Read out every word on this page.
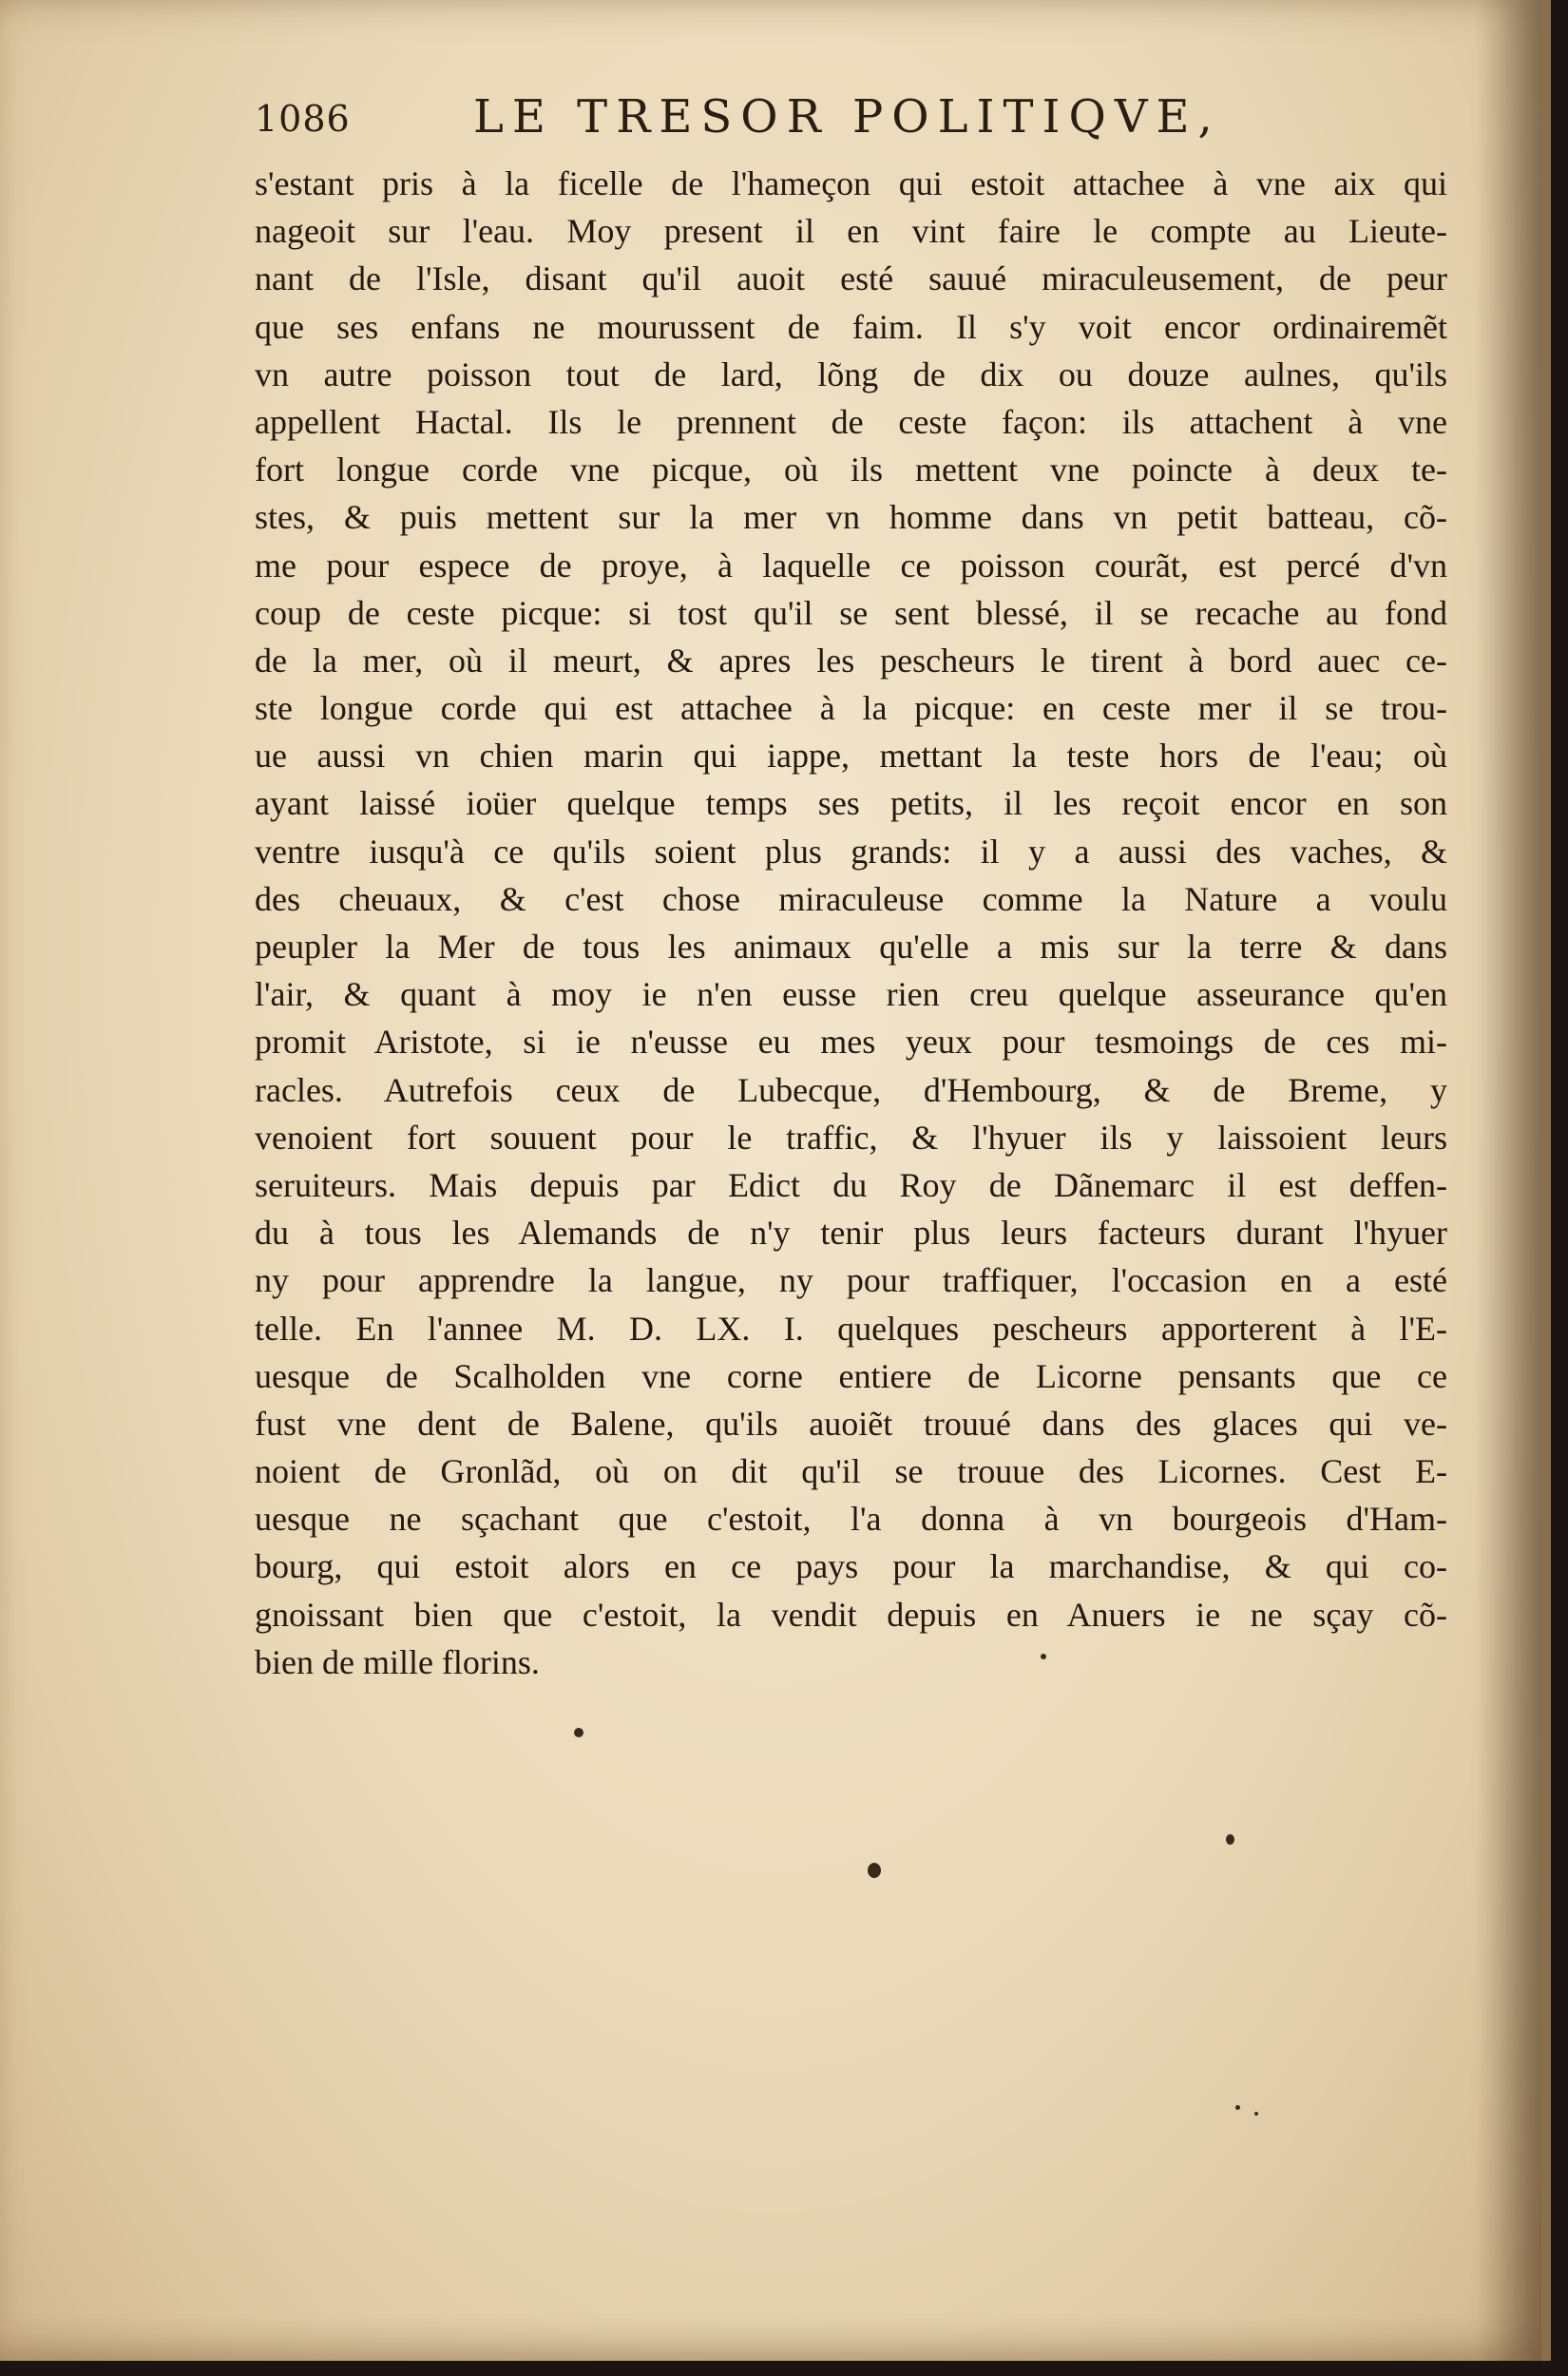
1086	LE TRESOR POLITIQVE,
s'estant pris à la ficelle de l'hameçon qui estoit attachee à vne aix qui
nageoit sur l'eau. Moy present il en vint faire le compte au Lieute-
nant de l'Isle, disant qu'il auoit esté sauué miraculeusement, de peur
que ses enfans ne mourussent de faim. Il s'y voit encor ordinairemẽt
vn autre poisson tout de lard, lõng de dix ou douze aulnes, qu'ils
appellent Hactal. Ils le prennent de ceste façon: ils attachent à vne
fort longue corde vne picque, où ils mettent vne poincte à deux te-
stes, & puis mettent sur la mer vn homme dans vn petit batteau, cõ-
me pour espece de proye, à laquelle ce poisson courãt, est percé d'vn
coup de ceste picque: si tost qu'il se sent blessé, il se recache au fond
de la mer, où il meurt, & apres les pescheurs le tirent à bord auec ce-
ste longue corde qui est attachee à la picque: en ceste mer il se trou-
ue aussi vn chien marin qui iappe, mettant la teste hors de l'eau; où
ayant laissé ioüer quelque temps ses petits, il les reçoit encor en son
ventre iusqu'à ce qu'ils soient plus grands: il y a aussi des vaches, &
des cheuaux, & c'est chose miraculeuse comme la Nature a voulu
peupler la Mer de tous les animaux qu'elle a mis sur la terre & dans
l'air, & quant à moy ie n'en eusse rien creu quelque asseurance qu'en
promit Aristote, si ie n'eusse eu mes yeux pour tesmoings de ces mi-
racles. Autrefois ceux de Lubecque, d'Hembourg, & de Breme, y
venoient fort souuent pour le traffic, & l'hyuer ils y laissoient leurs
seruiteurs. Mais depuis par Edict du Roy de Dãnemarc il est deffen-
du à tous les Alemands de n'y tenir plus leurs facteurs durant l'hyuer
ny pour apprendre la langue, ny pour traffiquer, l'occasion en a esté
telle. En l'annee M. D. LX. I. quelques pescheurs apporterent à l'E-
uesque de Scalholden vne corne entiere de Licorne pensants que ce
fust vne dent de Balene, qu'ils auoiẽt trouué dans des glaces qui ve-
noient de Gronlãd, où on dit qu'il se trouue des Licornes. Cest E-
uesque ne sçachant que c'estoit, l'a donna à vn bourgeois d'Ham-
bourg, qui estoit alors en ce pays pour la marchandise, & qui co-
gnoissant bien que c'estoit, la vendit depuis en Anuers ie ne sçay cõ-
bien de mille florins.
